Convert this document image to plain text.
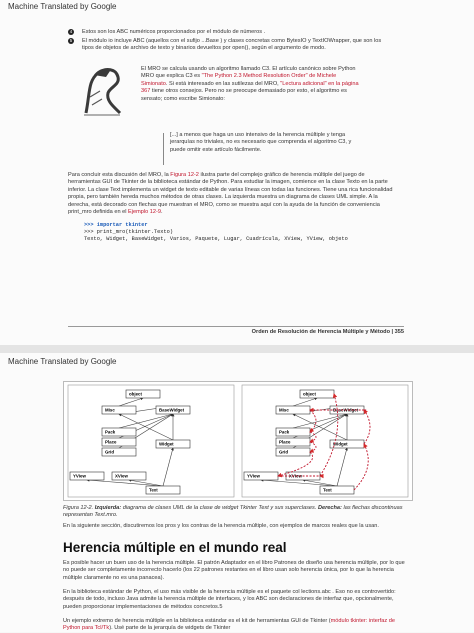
Machine Translated by Google
4	Estos son los ABC numéricos proporcionados por el módulo de números .
5	El módulo io incluye ABC (aquellos con el sufijo ...Base ) y clases concretas como BytesIO y TextIOWrapper, que son los tipos de objetos de archivo de texto y binarios devueltos por open(), según el argumento de modo.
El MRO se calcula usando un algoritmo llamado C3. El artículo canónico sobre Python MRO que explica C3 es "The Python 2.3 Method Resolution Order" de Michele Simionato. Si está interesado en las sutilezas del MRO, "Lectura adicional" en la página 367 tiene otros consejos. Pero no se preocupe demasiado por esto, el algoritmo es sensato; como escribe Simionato:
[...] a menos que haga un uso intensivo de la herencia múltiple y tenga jerarquías no triviales, no es necesario que comprenda el algoritmo C3, y puede omitir este artículo fácilmente.
Para concluir esta discusión del MRO, la Figura 12-2 ilustra parte del complejo gráfico de herencia múltiple del juego de herramientas GUI de Tkinter de la biblioteca estándar de Python. Para estudiar la imagen, comience en la clase Texto en la parte inferior. La clase Text implementa un widget de texto editable de varias líneas con todas las funciones. Tiene una rica funcionalidad propia, pero también hereda muchos métodos de otras clases. La izquierda muestra un diagrama de clases UML simple. A la derecha, está decorado con flechas que muestran el MRO, como se muestra aquí con la ayuda de la función de conveniencia print_mro definida en el Ejemplo 12-9.
>>> importar tkinter
>>> print_mro(tkinter.Texto)
Texto, Widget, BaseWidget, Varios, Paquete, Lugar, Cuadrícula, XView, YView, objeto
Orden de Resolución de Herencia Múltiple y Método | 355
Machine Translated by Google
object
Misc	BaseWidget
Pack
Place	Widget
Grid
YView	XView
Text
object
Misc	BaseWidget
Pack
Place	Widget
Grid
YView	XView
Text
Figura 12-2. Izquierda: diagrama de clases UML de la clase de widget Tkinter Text y sus superclases. Derecha: las flechas discontinuas representan Text.mro.
En la siguiente sección, discutiremos los pros y los contras de la herencia múltiple, con ejemplos de marcos reales que la usan.
Herencia múltiple en el mundo real
Es posible hacer un buen uso de la herencia múltiple. El patrón Adaptador en el libro Patrones de diseño usa herencia múltiple, por lo que no puede ser completamente incorrecto hacerlo (los 22 patrones restantes en el libro usan solo herencia única, por lo que la herencia múltiple claramente no es una panacea).
En la biblioteca estándar de Python, el uso más visible de la herencia múltiple es el paquete col lections.abc . Eso no es controvertido: después de todo, incluso Java admite la herencia múltiple de interfaces, y los ABC son declaraciones de interfaz que, opcionalmente, pueden proporcionar implementaciones de métodos concretos.5
Un ejemplo extremo de herencia múltiple en la biblioteca estándar es el kit de herramientas GUI de Tkinter (módulo tkinter: interfaz de Python para Tcl/Tk). Usé parte de la jerarquía de widgets de Tkinter
